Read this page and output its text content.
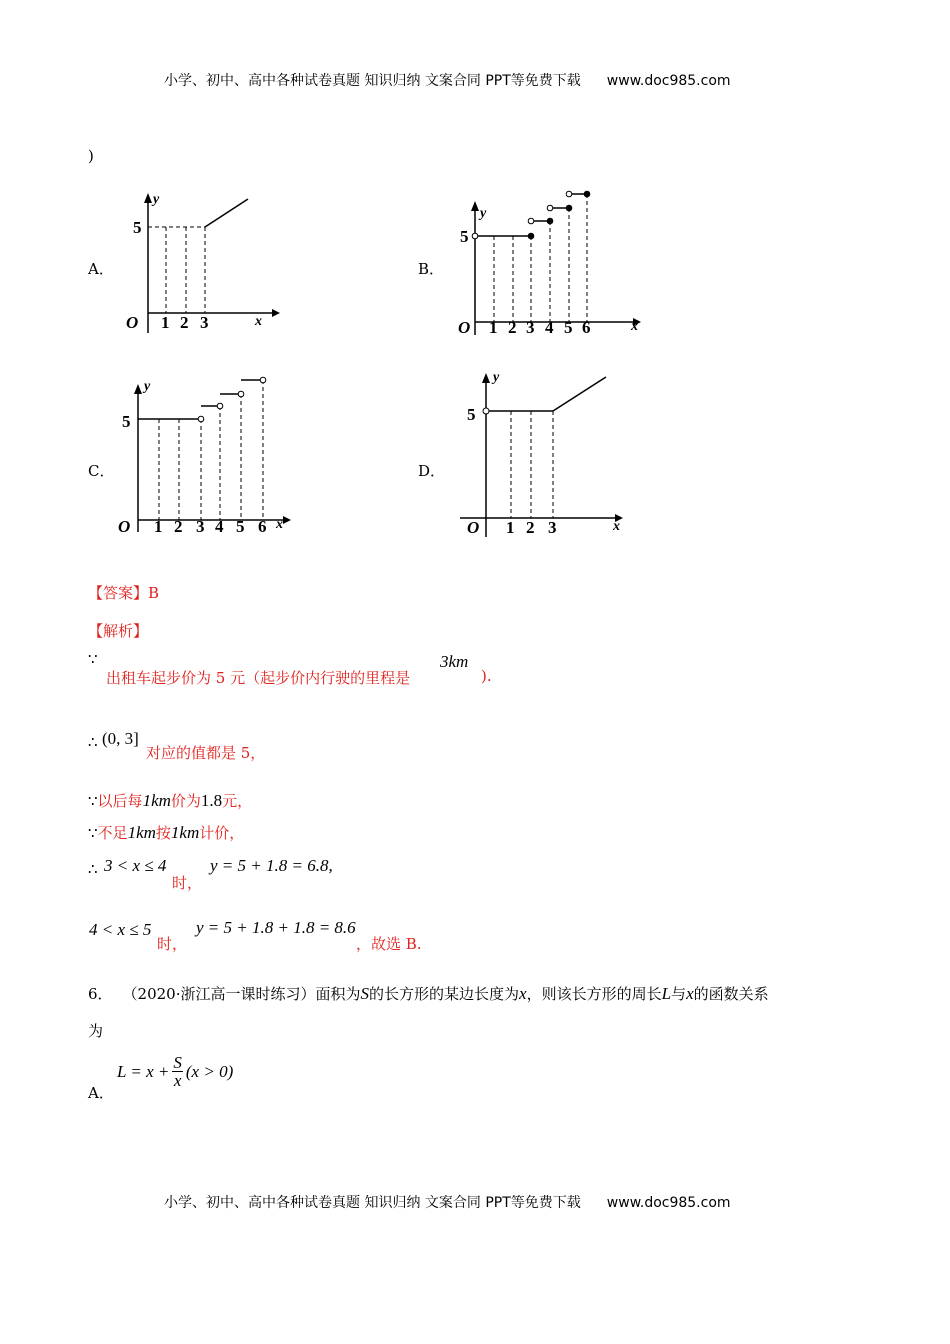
小学、初中、高中各种试卷真题 知识归纳 文案合同 PPT等免费下载 www.doc985.com
)
A．
y
x
O
5
1 2 3
B．
y
x
O
5
1 2 3 4 5 6
C．
y
x
O
5
1 2 3 4 5 6
D．
y
x
O
5
1 2 3
【答案】B
【解析】
∵
出租车起步价为 5 元（起步价内行驶的里程是
3km
).
∴ (0, 3]
对应的值都是 5，
∵ 以后每 1km 价为 1.8 元，
∵ 不足 1km 按 1km 计价，
∴ 3 < x ≤ 4
时，
y = 5 + 1.8 = 6.8,
4 < x ≤ 5
时，
y = 5 + 1.8 + 1.8 = 8.6
，故选 B.
6． （2020·浙江高一课时练习）面积为 S 的长方形的某边长度为 x ，则该长方形的周长 L 与 x 的函数关系
为
A．
$L = x + \frac{S}{x} (x > 0)$
小学、初中、高中各种试卷真题 知识归纳 文案合同 PPT等免费下载 www.doc985.com
